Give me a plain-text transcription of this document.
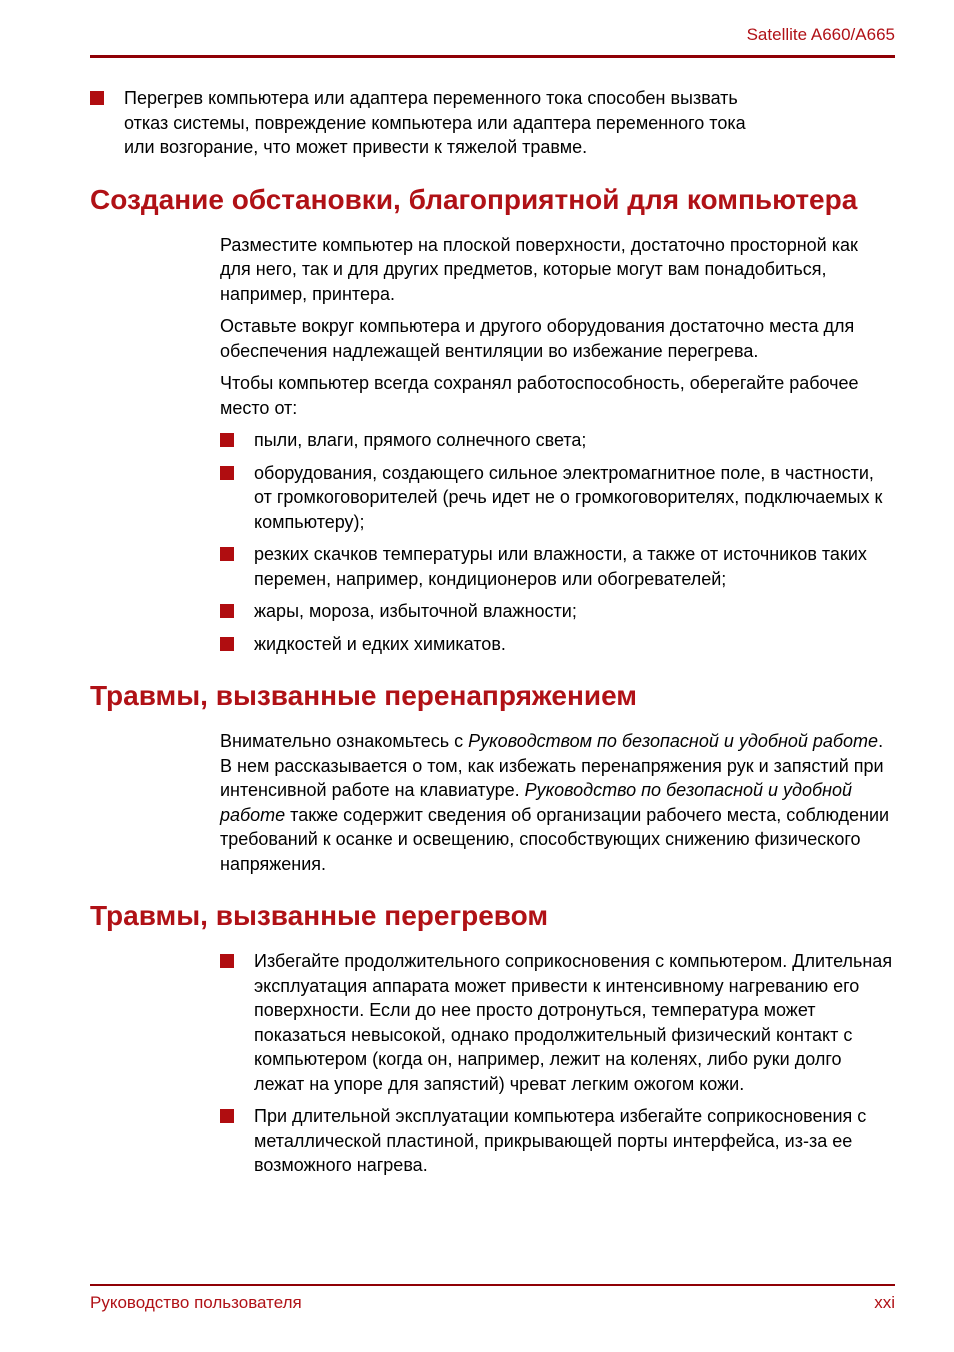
Satellite A660/A665
Перегрев компьютера или адаптера переменного тока способен вызвать отказ системы, повреждение компьютера или адаптера переменного тока или возгорание, что может привести к тяжелой травме.
Создание обстановки, благоприятной для компьютера

Разместите компьютер на плоской поверхности, достаточно просторной как для него, так и для других предметов, которые могут вам понадобиться, например, принтера.

Оставьте вокруг компьютера и другого оборудования достаточно места для обеспечения надлежащей вентиляции во избежание перегрева.

Чтобы компьютер всегда сохранял работоспособность, оберегайте рабочее место от:

пыли, влаги, прямого солнечного света;
оборудования, создающего сильное электромагнитное поле, в частности, от громкоговорителей (речь идет не о громкоговорителях, подключаемых к компьютеру);
резких скачков температуры или влажности, а также от источников таких перемен, например, кондиционеров или обогревателей;
жары, мороза, избыточной влажности;
жидкостей и едких химикатов.
Травмы, вызванные перенапряжением

Внимательно ознакомьтесь с Руководством по безопасной и удобной работе. В нем рассказывается о том, как избежать перенапряжения рук и запястий при интенсивной работе на клавиатуре. Руководство по безопасной и удобной работе также содержит сведения об организации рабочего места, соблюдении требований к осанке и освещению, способствующих снижению физического напряжения.

Травмы, вызванные перегревом
Избегайте продолжительного соприкосновения с компьютером. Длительная эксплуатация аппарата может привести к интенсивному нагреванию его поверхности. Если до нее просто дотронуться, температура может показаться невысокой, однако продолжительный физический контакт с компьютером (когда он, например, лежит на коленях, либо руки долго лежат на упоре для запястий) чреват легким ожогом кожи.
При длительной эксплуатации компьютера избегайте соприкосновения с металлической пластиной, прикрывающей порты интерфейса, из-за ее возможного нагрева.
Руководство пользователя	xxi
